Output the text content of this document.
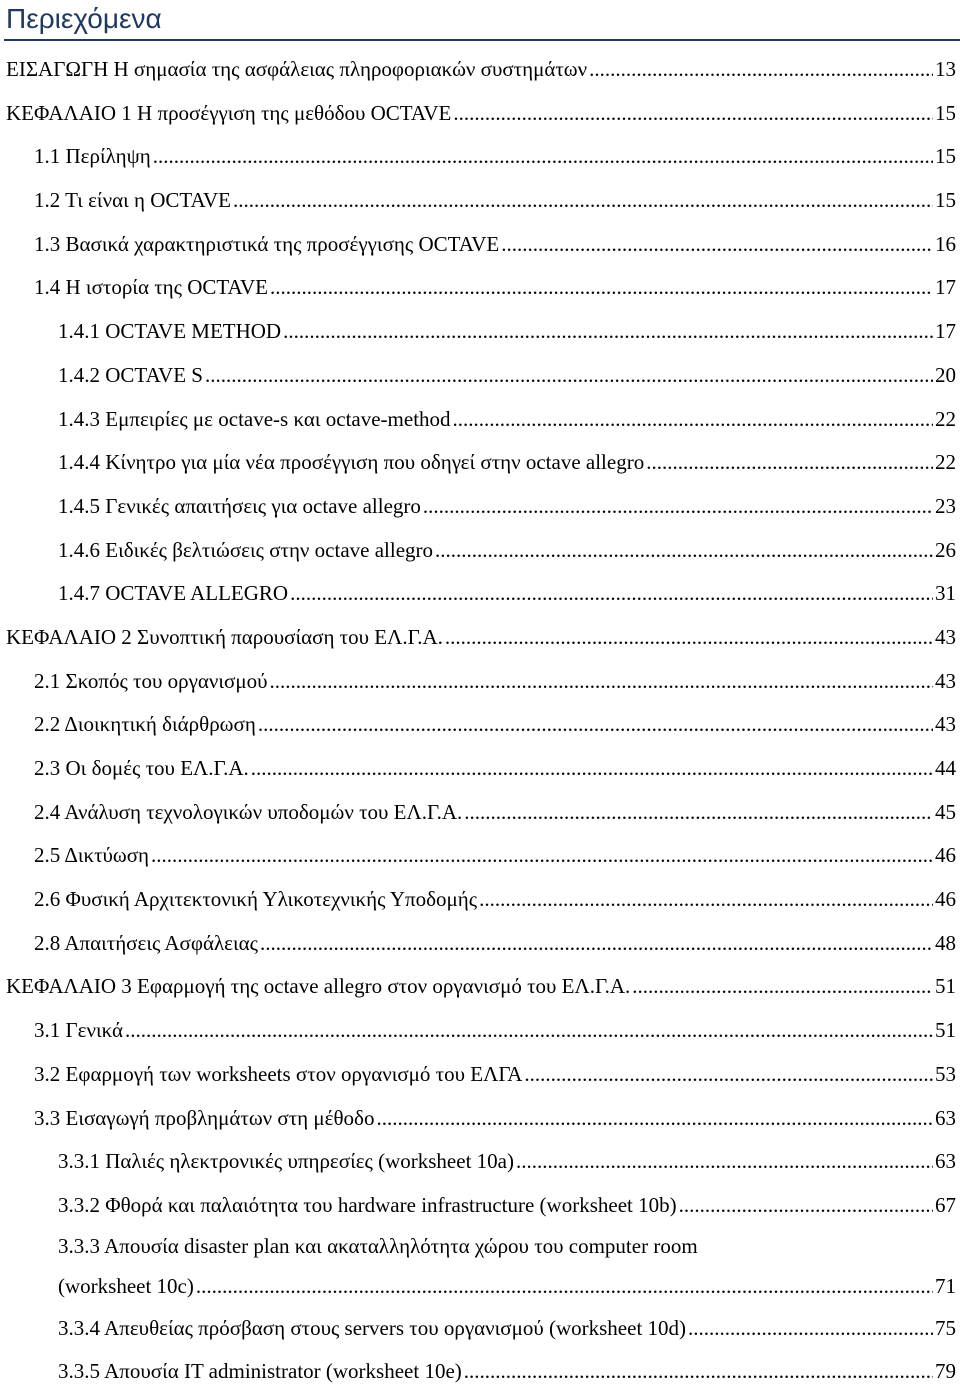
Περιεχόμενα
ΕΙΣΑΓΩΓΗ Η σημασία της ασφάλειας πληροφοριακών συστημάτων .....	13
ΚΕΦΑΛΑΙΟ 1 Η προσέγγιση της μεθόδου OCTAVE .....	15
1.1 Περίληψη .....	15
1.2 Τι είναι η OCTAVE .....	15
1.3 Βασικά χαρακτηριστικά της προσέγγισης OCTAVE .....	16
1.4 Η ιστορία της OCTAVE .....	17
1.4.1 OCTAVE METHOD .....	17
1.4.2 OCTAVE S .....	20
1.4.3 Εμπειρίες με octave-s και octave-method .....	22
1.4.4 Κίνητρο για μία νέα προσέγγιση που οδηγεί στην octave allegro .....	22
1.4.5 Γενικές απαιτήσεις για octave allegro .....	23
1.4.6 Ειδικές βελτιώσεις στην octave allegro .....	26
1.4.7 OCTAVE ALLEGRO .....	31
ΚΕΦΑΛΑΙΟ 2 Συνοπτική παρουσίαση του ΕΛ.Γ.Α. .....	43
2.1 Σκοπός του οργανισμού .....	43
2.2 Διοικητική διάρθρωση .....	43
2.3 Οι δομές του ΕΛ.Γ.Α. .....	44
2.4 Ανάλυση τεχνολογικών υποδομών του ΕΛ.Γ.Α. .....	45
2.5 Δικτύωση .....	46
2.6 Φυσική Αρχιτεκτονική Υλικοτεχνικής Υποδομής .....	46
2.8 Απαιτήσεις Ασφάλειας .....	48
ΚΕΦΑΛΑΙΟ 3 Εφαρμογή της octave allegro στον οργανισμό του ΕΛ.Γ.Α. .....	51
3.1 Γενικά .....	51
3.2 Εφαρμογή των worksheets στον οργανισμό του ΕΛΓΑ .....	53
3.3 Εισαγωγή προβλημάτων στη μέθοδο .....	63
3.3.1 Παλιές ηλεκτρονικές υπηρεσίες (worksheet 10a) .....	63
3.3.2 Φθορά και παλαιότητα του hardware infrastructure (worksheet 10b) .....	67
3.3.3 Απουσία disaster plan και ακαταλληλότητα χώρου του computer room
(worksheet 10c) .....	71
3.3.4 Απευθείας πρόσβαση στους servers του οργανισμού (worksheet 10d) .....	75
3.3.5 Απουσία IT administrator (worksheet 10e) .....	79
